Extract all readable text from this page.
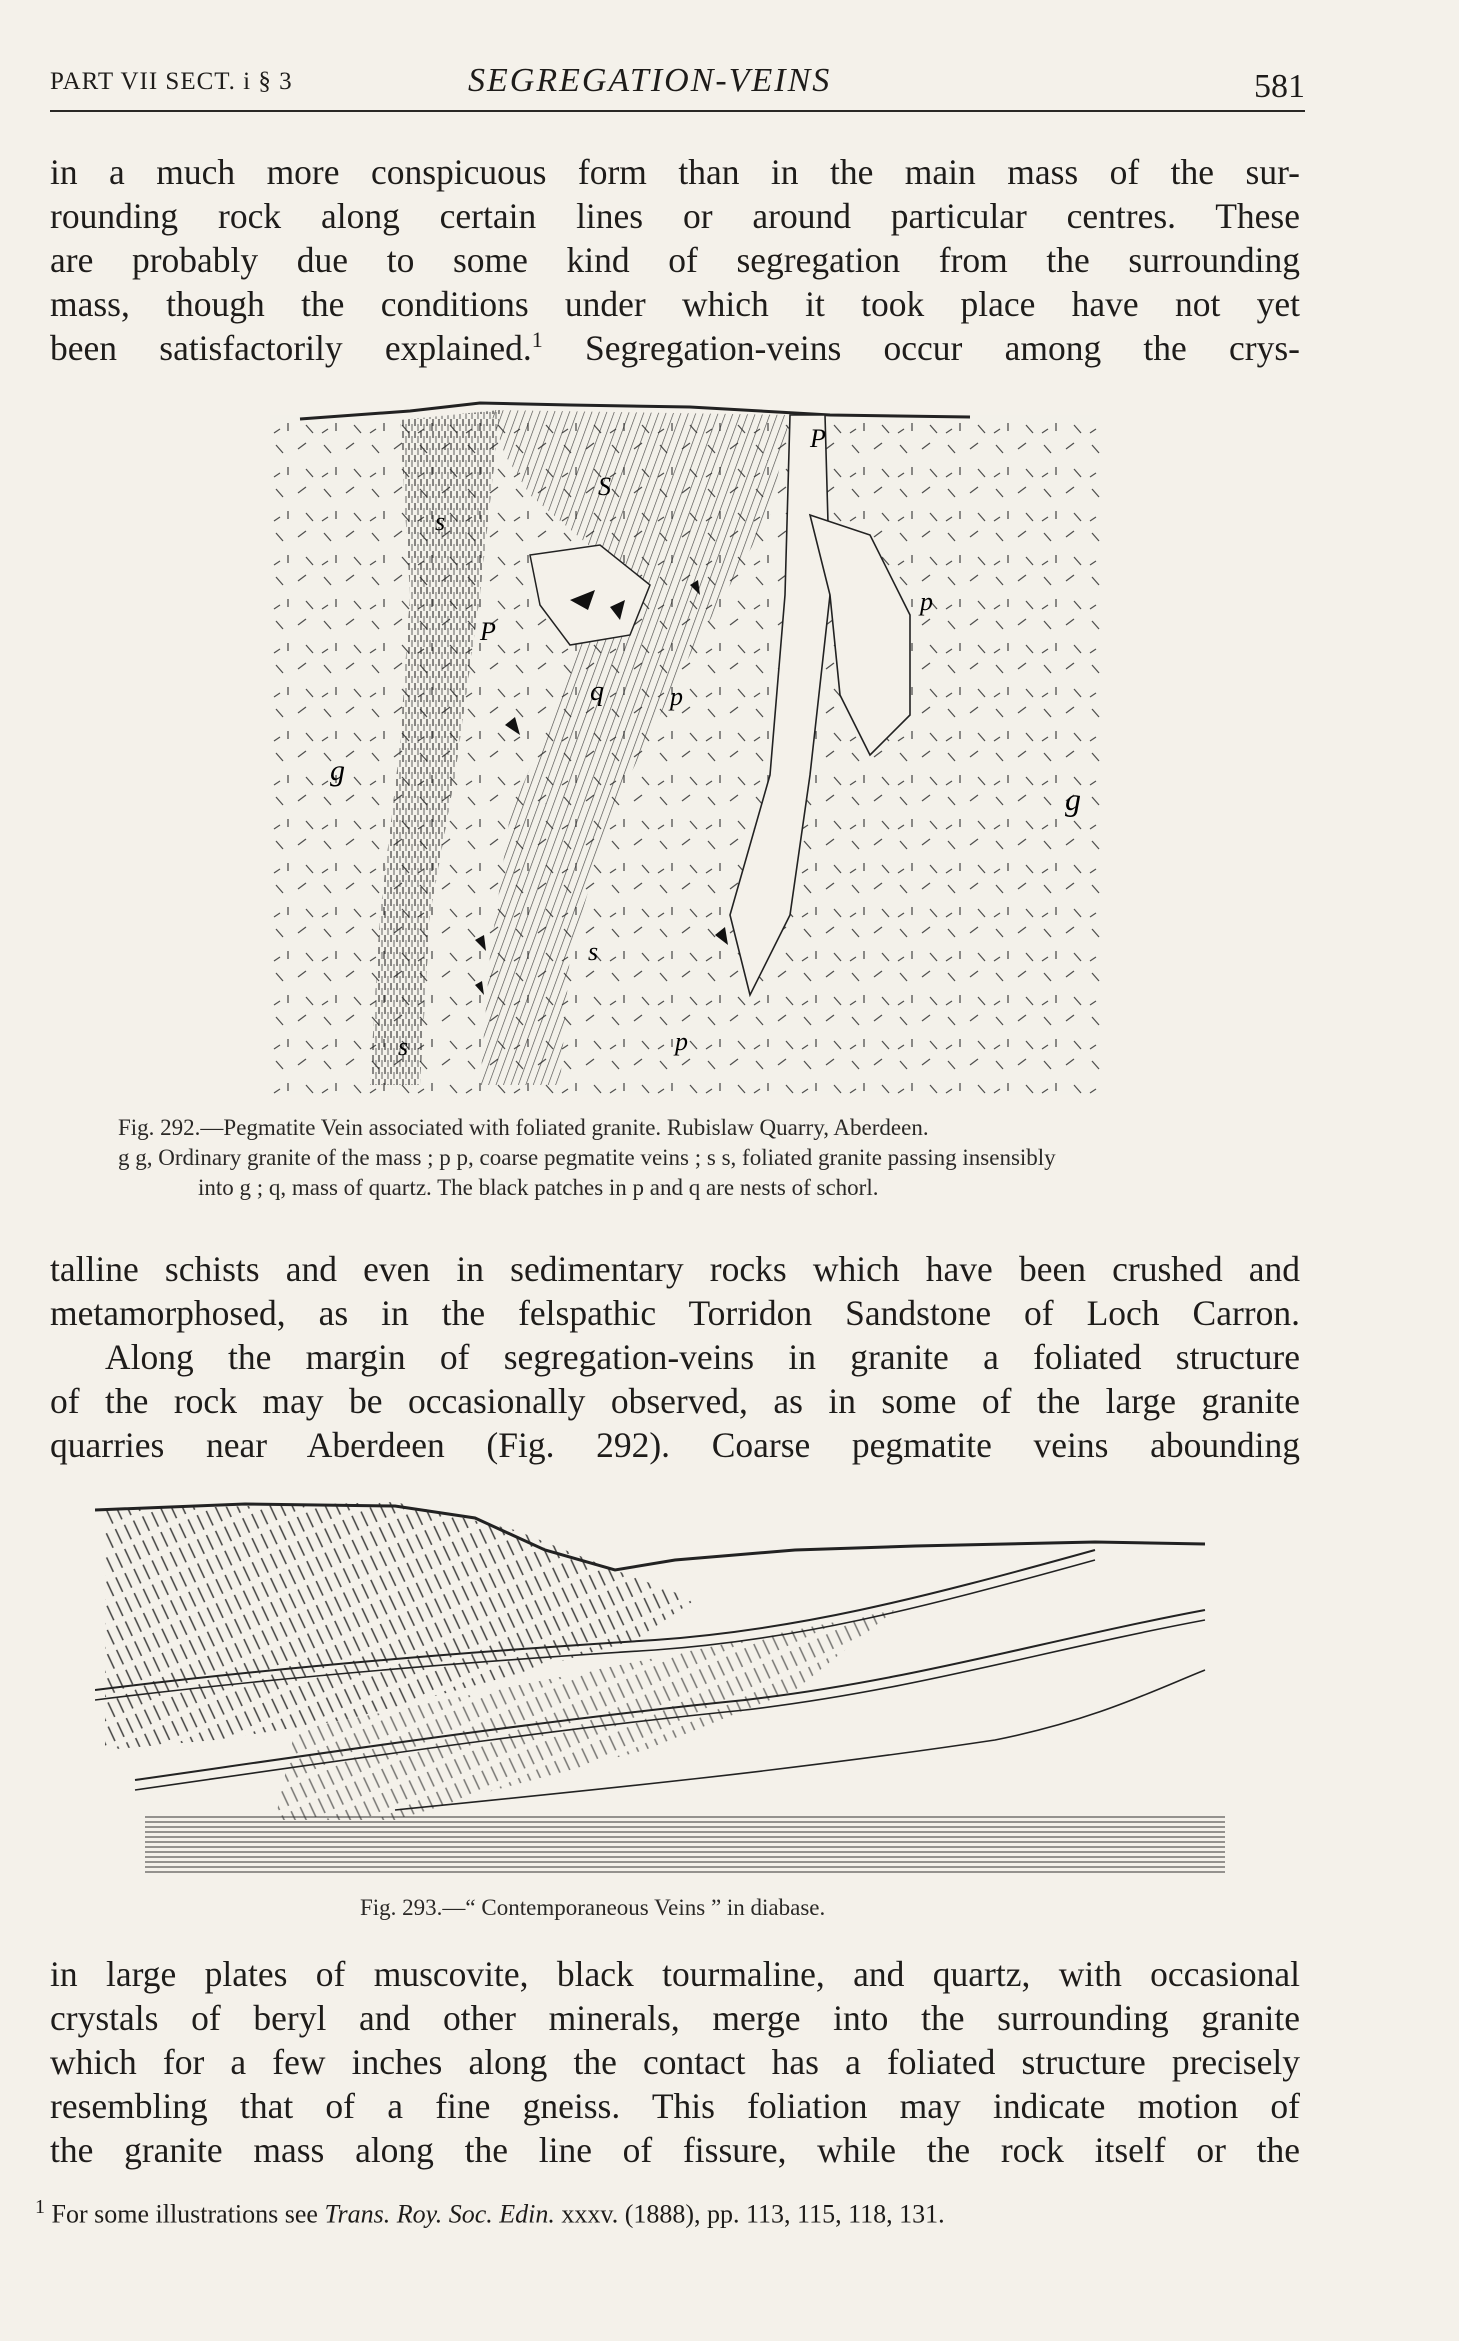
PART VII SECT. i § 3	SEGREGATION-VEINS	581
in a much more conspicuous form than in the main mass of the sur-
rounding rock along certain lines or around particular centres. These
are probably due to some kind of segregation from the surrounding
mass, though the conditions under which it took place have not yet
been satisfactorily explained.$^1$ Segregation-veins occur among the crys-
P
S
s
p
P
q	p
g
g
s
s	p
Fig. 292.—Pegmatite Vein associated with foliated granite. Rubislaw Quarry, Aberdeen.
g g, Ordinary granite of the mass ; p p, coarse pegmatite veins ; s s, foliated granite passing insensibly
into g ; q, mass of quartz. The black patches in p and q are nests of schorl.
talline schists and even in sedimentary rocks which have been crushed and
metamorphosed, as in the felspathic Torridon Sandstone of Loch Carron.
Along the margin of segregation-veins in granite a foliated structure
of the rock may be occasionally observed, as in some of the large granite
quarries near Aberdeen (Fig. 292). Coarse pegmatite veins abounding
Fig. 293.—“ Contemporaneous Veins ” in diabase.
in large plates of muscovite, black tourmaline, and quartz, with occasional
crystals of beryl and other minerals, merge into the surrounding granite
which for a few inches along the contact has a foliated structure precisely
resembling that of a fine gneiss. This foliation may indicate motion of
the granite mass along the line of fissure, while the rock itself or the
$^1$ For some illustrations see Trans. Roy. Soc. Edin. xxxv. (1888), pp. 113, 115, 118, 131.
